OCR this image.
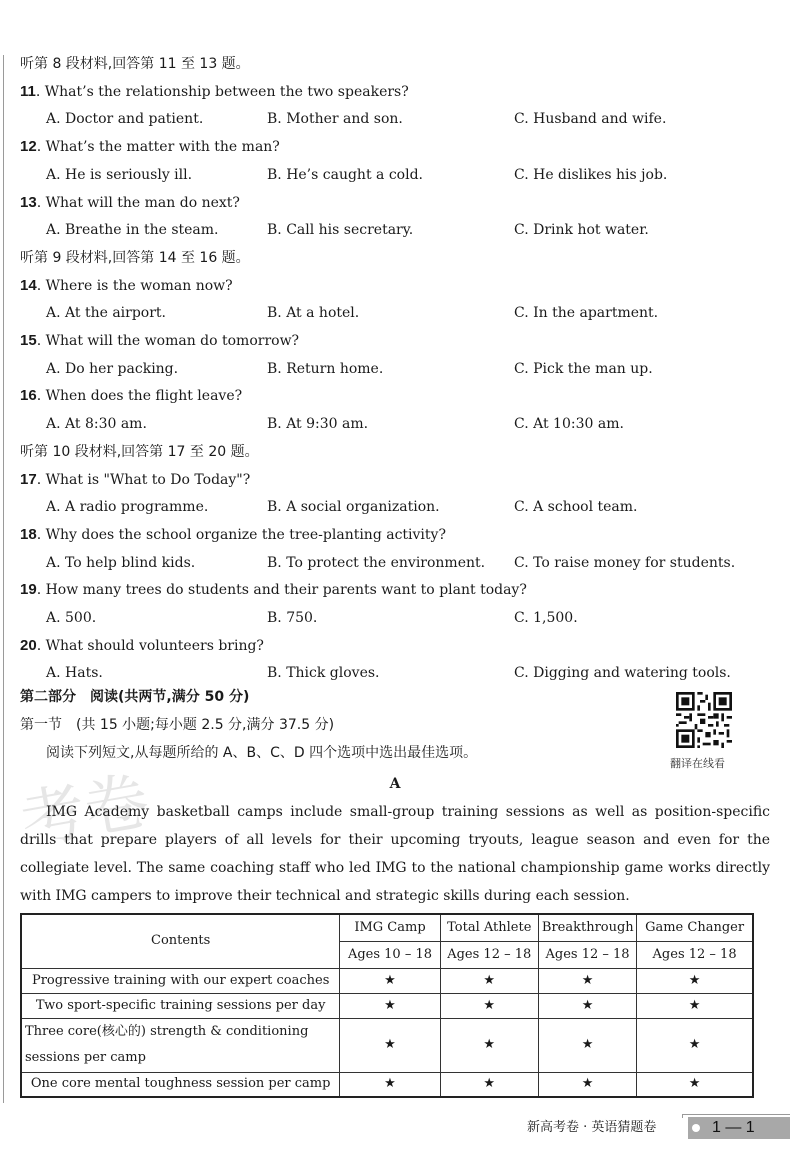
听第 8 段材料,回答第 11 至 13 题。
11. What’s the relationship between the two speakers?
A. Doctor and patient.	B. Mother and son.	C. Husband and wife.
12. What’s the matter with the man?
A. He is seriously ill.	B. He’s caught a cold.	C. He dislikes his job.
13. What will the man do next?
A. Breathe in the steam.	B. Call his secretary.	C. Drink hot water.
听第 9 段材料,回答第 14 至 16 题。
14. Where is the woman now?
A. At the airport.	B. At a hotel.	C. In the apartment.
15. What will the woman do tomorrow?
A. Do her packing.	B. Return home.	C. Pick the man up.
16. When does the flight leave?
A. At 8:30 am.	B. At 9:30 am.	C. At 10:30 am.
听第 10 段材料,回答第 17 至 20 题。
17. What is "What to Do Today"?
A. A radio programme.	B. A social organization.	C. A school team.
18. Why does the school organize the tree-planting activity?
A. To help blind kids.	B. To protect the environment. C. To raise money for students.
19. How many trees do students and their parents want to plant today?
A. 500.	B. 750.	C. 1,500.
20. What should volunteers bring?
A. Hats.	B. Thick gloves.	C. Digging and watering tools.
第二部分　阅读(共两节,满分 50 分)
第一节　(共 15 小题;每小题 2.5 分,满分 37.5 分)
阅读下列短文,从每题所给的 A、B、C、D 四个选项中选出最佳选项。
考卷
翻译在线看
A
IMG Academy basketball camps include small-group training sessions as well as position-specific drills that prepare players of all levels for their upcoming tryouts, league season and even for the collegiate level. The same coaching staff who led IMG to the national championship game works directly with IMG campers to improve their technical and strategic skills during each session.
Contents	IMG Camp	Total Athlete	Breakthrough	Game Changer
	Ages 10 – 18	Ages 12 – 18	Ages 12 – 18	Ages 12 – 18
Progressive training with our expert coaches	★	★	★	★
Two sport-specific training sessions per day	★	★	★	★
Three core(核心的) strength & conditioning sessions per camp	★	★	★	★
One core mental toughness session per camp	★	★	★	★
新高考卷 · 英语猜题卷	1 — 1
